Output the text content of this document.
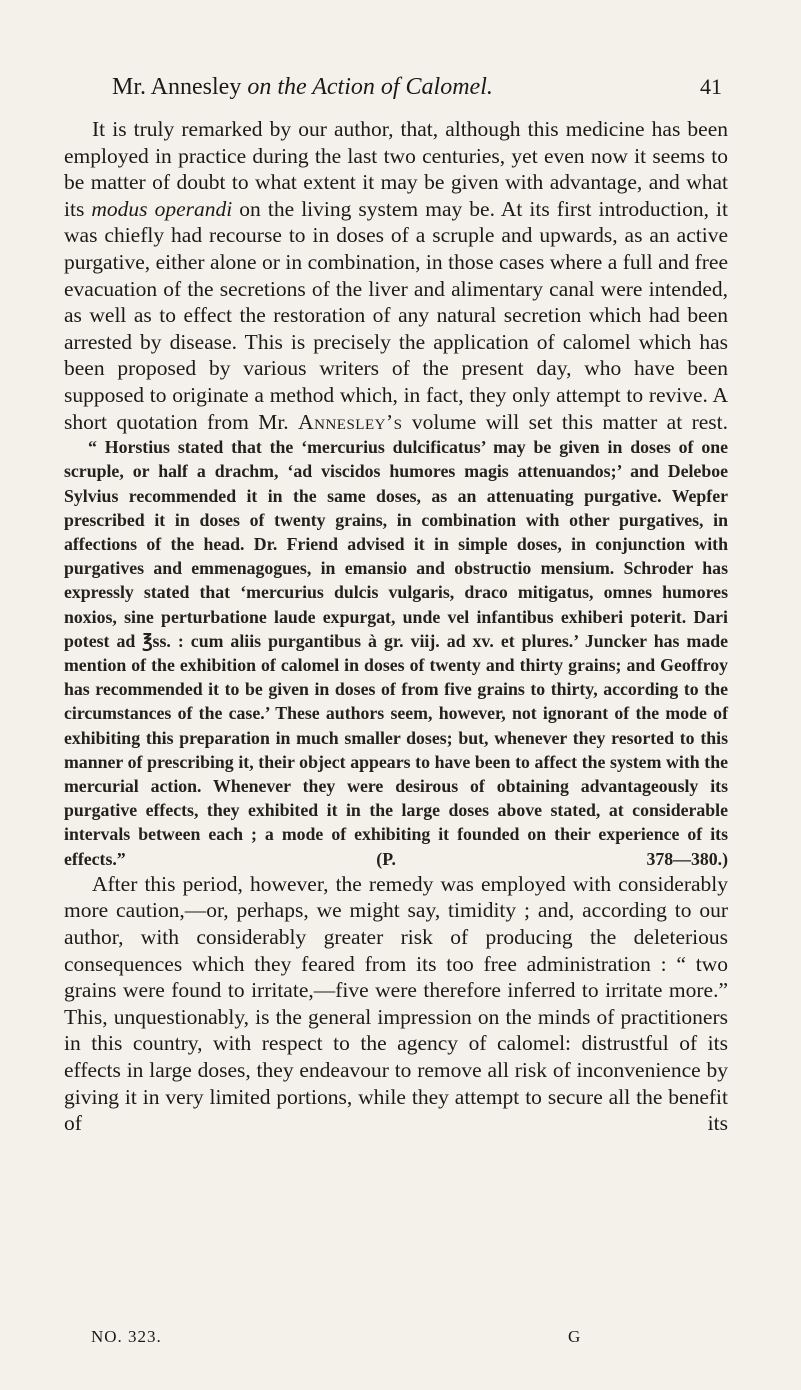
Mr. Annesley on the Action of Calomel.	41

It is truly remarked by our author, that, although this medicine has been employed in practice during the last two centuries, yet even now it seems to be matter of doubt to what extent it may be given with advantage, and what its modus operandi on the living system may be. At its first introduction, it was chiefly had recourse to in doses of a scruple and upwards, as an active purgative, either alone or in combination, in those cases where a full and free evacuation of the secretions of the liver and alimentary canal were intended, as well as to effect the restoration of any natural secretion which had been arrested by disease. This is precisely the application of calomel which has been proposed by various writers of the present day, who have been supposed to originate a method which, in fact, they only attempt to revive. A short quotation from Mr. Annesley’s volume will set this matter at rest.

“ Horstius stated that the ‘mercurius dulcificatus’ may be given in doses of one scruple, or half a drachm, ‘ad viscidos humores magis attenuandos;’ and Deleboe Sylvius recommended it in the same doses, as an attenuating purgative. Wepfer prescribed it in doses of twenty grains, in combination with other purgatives, in affections of the head. Dr. Friend advised it in simple doses, in conjunction with purgatives and emmenagogues, in emansio and obstructio mensium. Schroder has expressly stated that ‘mercurius dulcis vulgaris, draco mitigatus, omnes humores noxios, sine perturbatione laude expurgat, unde vel infantibus exhiberi poterit. Dari potest ad ℥ss. : cum aliis purgantibus à gr. viij. ad xv. et plures.’ Juncker has made mention of the exhibition of calomel in doses of twenty and thirty grains; and Geoffroy has recommended it to be given in doses of from five grains to thirty, according to the circumstances of the case.’ These authors seem, however, not ignorant of the mode of exhibiting this preparation in much smaller doses; but, whenever they resorted to this manner of prescribing it, their object appears to have been to affect the system with the mercurial action. Whenever they were desirous of obtaining advantageously its purgative effects, they exhibited it in the large doses above stated, at considerable intervals between each ; a mode of exhibiting it founded on their experience of its effects.” (P. 378—380.)

After this period, however, the remedy was employed with considerably more caution,—or, perhaps, we might say, timidity ; and, according to our author, with considerably greater risk of producing the deleterious consequences which they feared from its too free administration : “ two grains were found to irritate,—five were therefore inferred to irritate more.” This, unquestionably, is the general impression on the minds of practitioners in this country, with respect to the agency of calomel: distrustful of its effects in large doses, they endeavour to remove all risk of inconvenience by giving it in very limited portions, while they attempt to secure all the benefit of its

NO. 323.	G
